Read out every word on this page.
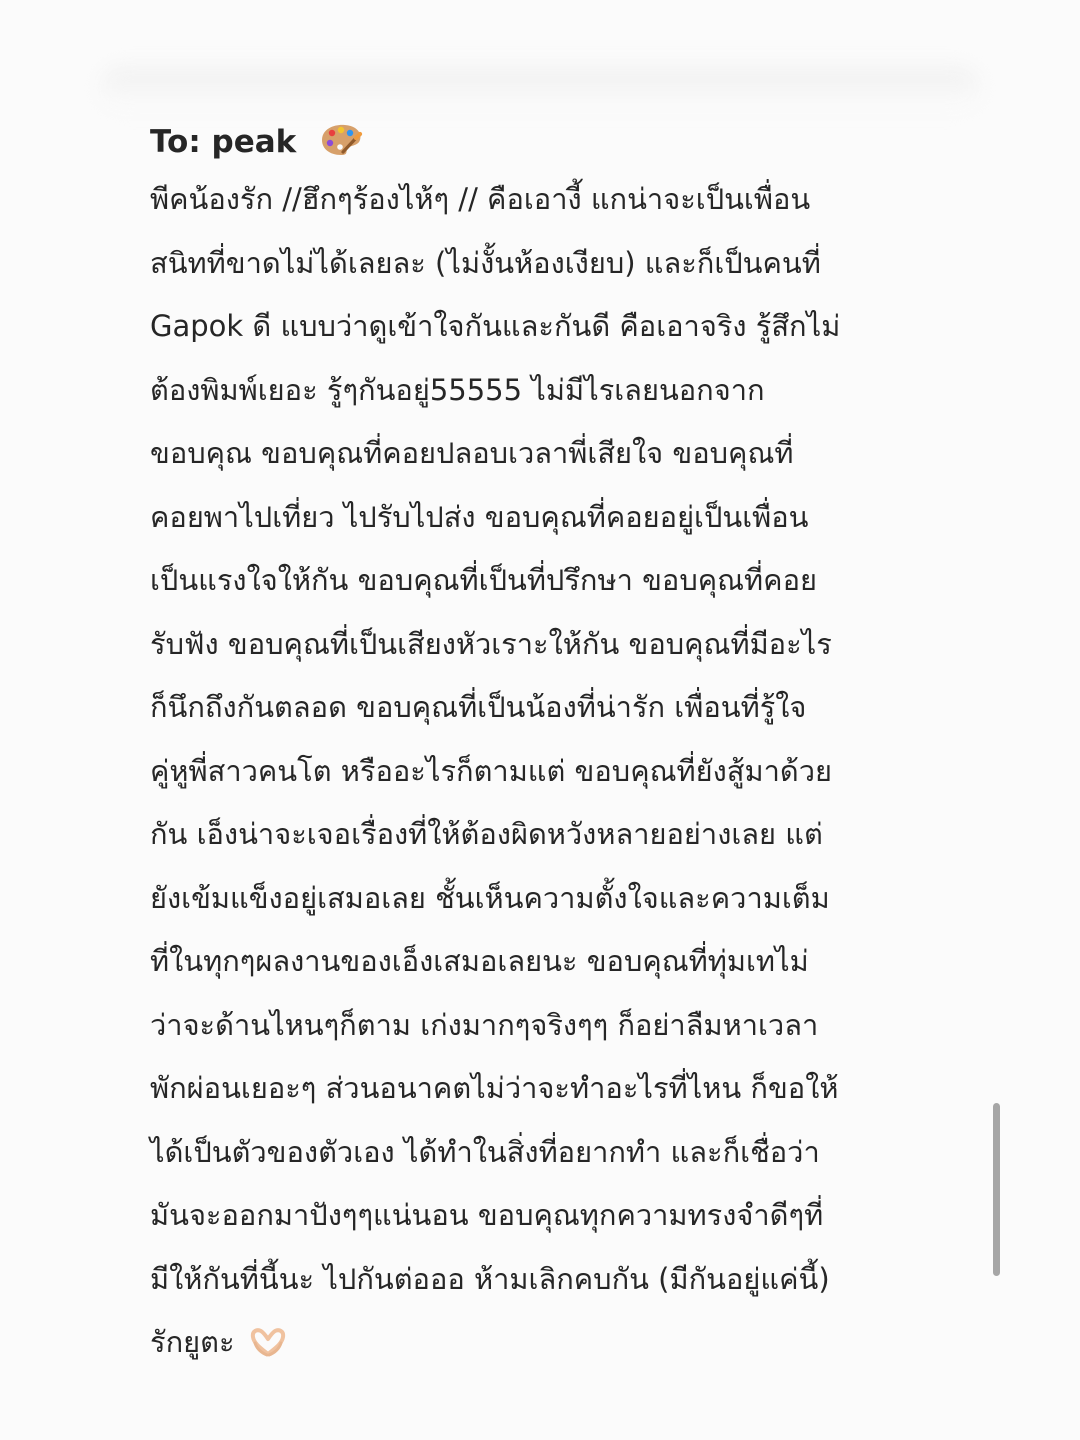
To: peak
พีคน้องรัก //ฮึกๆร้องไห้ๆ // คือเอางี้ แกน่าจะเป็นเพื่อน
สนิทที่ขาดไม่ได้เลยละ (ไม่งั้นห้องเงียบ) และก็เป็นคนที่
Gapok ดี แบบว่าดูเข้าใจกันและกันดี คือเอาจริง รู้สึกไม่
ต้องพิมพ์เยอะ รู้ๆกันอยู่55555 ไม่มีไรเลยนอกจาก
ขอบคุณ ขอบคุณที่คอยปลอบเวลาพี่เสียใจ ขอบคุณที่
คอยพาไปเที่ยว ไปรับไปส่ง ขอบคุณที่คอยอยู่เป็นเพื่อน
เป็นแรงใจให้กัน ขอบคุณที่เป็นที่ปรึกษา ขอบคุณที่คอย
รับฟัง ขอบคุณที่เป็นเสียงหัวเราะให้กัน ขอบคุณที่มีอะไร
ก็นึกถึงกันตลอด ขอบคุณที่เป็นน้องที่น่ารัก เพื่อนที่รู้ใจ
คู่หูพี่สาวคนโต หรืออะไรก็ตามแต่ ขอบคุณที่ยังสู้มาด้วย
กัน เอ็งน่าจะเจอเรื่องที่ให้ต้องผิดหวังหลายอย่างเลย แต่
ยังเข้มแข็งอยู่เสมอเลย ชั้นเห็นความตั้งใจและความเต็ม
ที่ในทุกๆผลงานของเอ็งเสมอเลยนะ ขอบคุณที่ทุ่มเทไม่
ว่าจะด้านไหนๆก็ตาม เก่งมากๆจริงๆๆ ก็อย่าลืมหาเวลา
พักผ่อนเยอะๆ ส่วนอนาคตไม่ว่าจะทำอะไรที่ไหน ก็ขอให้
ได้เป็นตัวของตัวเอง ได้ทำในสิ่งที่อยากทำ และก็เชื่อว่า
มันจะออกมาปังๆๆแน่นอน ขอบคุณทุกความทรงจำดีๆที่
มีให้กันที่นี้นะ ไปกันต่อออ ห้ามเลิกคบกัน (มีกันอยู่แค่นี้)
รักยูตะ
